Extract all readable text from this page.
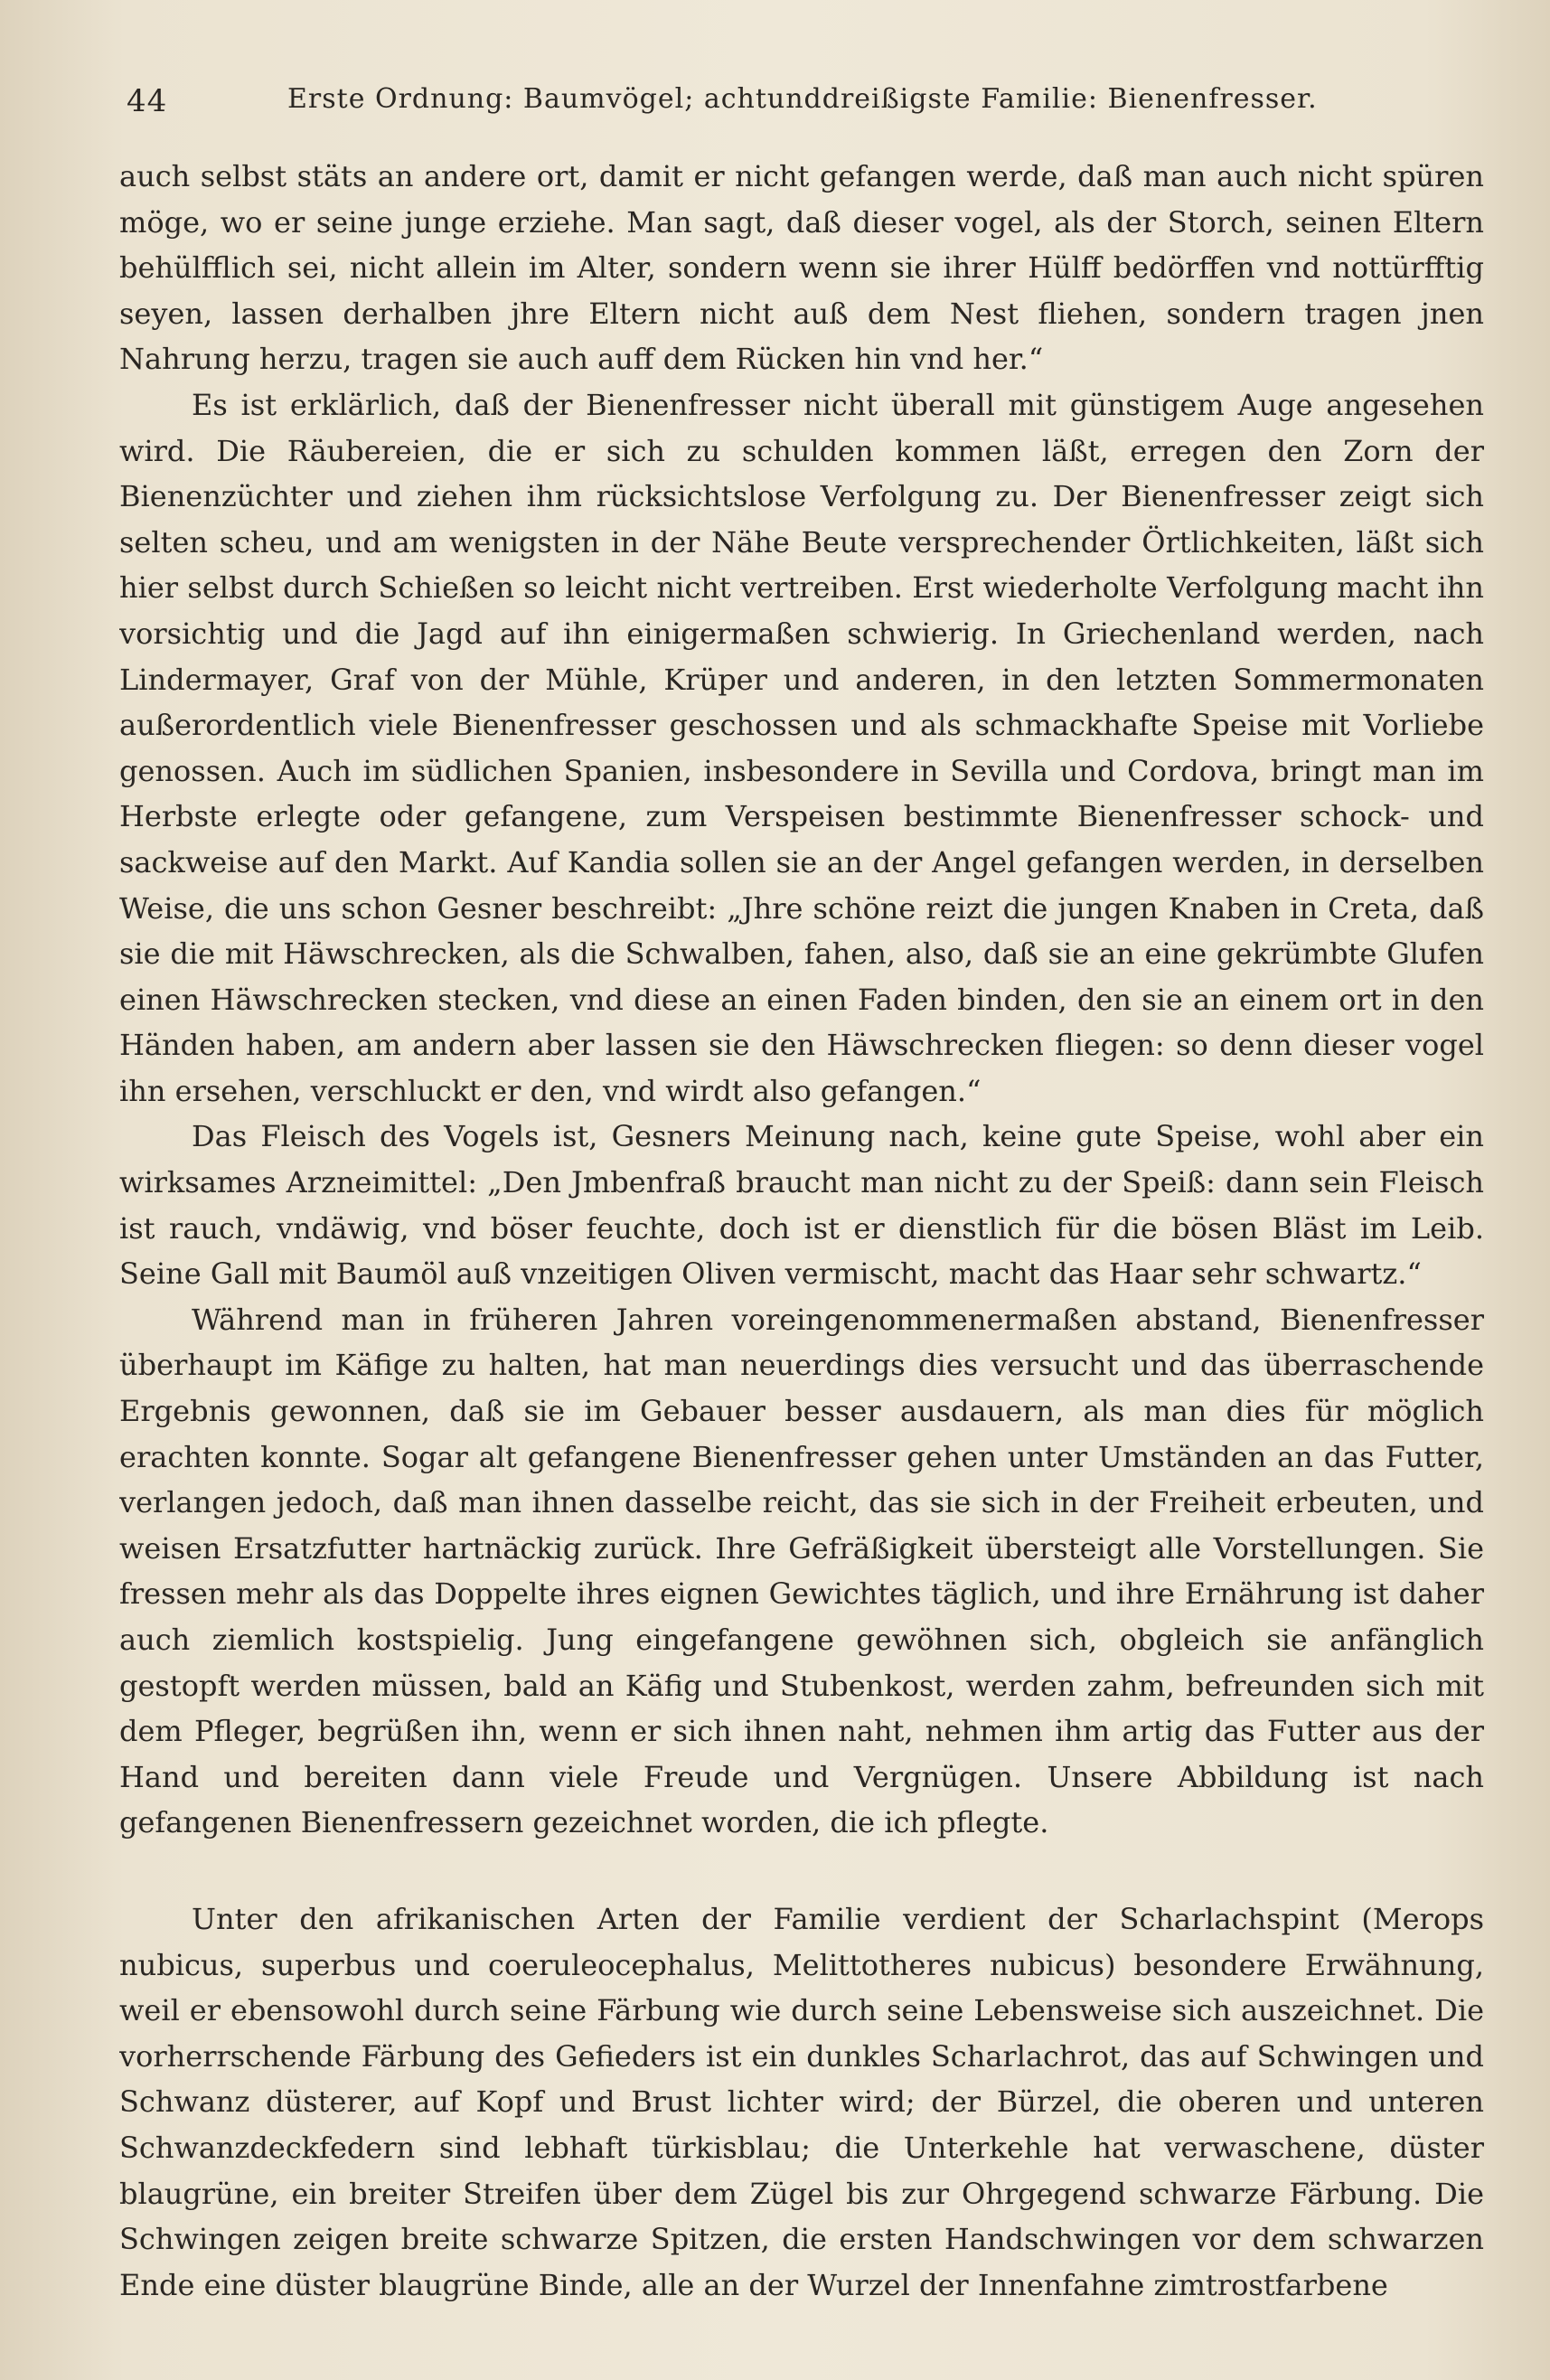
44	Erste Ordnung: Baumvögel; achtunddreißigste Familie: Bienenfresser.

auch selbst stäts an andere ort, damit er nicht gefangen werde, daß man auch nicht spüren möge, wo er seine junge erziehe. Man sagt, daß dieser vogel, als der Storch, seinen Eltern behülfflich sei, nicht allein im Alter, sondern wenn sie ihrer Hülff bedörffen vnd nottürfftig seyen, lassen derhalben jhre Eltern nicht auß dem Nest fliehen, sondern tragen jnen Nahrung herzu, tragen sie auch auff dem Rücken hin vnd her.“

Es ist erklärlich, daß der Bienenfresser nicht überall mit günstigem Auge angesehen wird. Die Räubereien, die er sich zu schulden kommen läßt, erregen den Zorn der Bienenzüchter und ziehen ihm rücksichtslose Verfolgung zu. Der Bienenfresser zeigt sich selten scheu, und am wenigsten in der Nähe Beute versprechender Örtlichkeiten, läßt sich hier selbst durch Schießen so leicht nicht vertreiben. Erst wiederholte Verfolgung macht ihn vorsichtig und die Jagd auf ihn einigermaßen schwierig. In Griechenland werden, nach Lindermayer, Graf von der Mühle, Krüper und anderen, in den letzten Sommermonaten außerordentlich viele Bienenfresser geschossen und als schmackhafte Speise mit Vorliebe genossen. Auch im südlichen Spanien, insbesondere in Sevilla und Cordova, bringt man im Herbste erlegte oder gefangene, zum Verspeisen bestimmte Bienenfresser schock- und sackweise auf den Markt. Auf Kandia sollen sie an der Angel gefangen werden, in derselben Weise, die uns schon Gesner beschreibt: „Jhre schöne reizt die jungen Knaben in Creta, daß sie die mit Häwschrecken, als die Schwalben, fahen, also, daß sie an eine gekrümbte Glufen einen Häwschrecken stecken, vnd diese an einen Faden binden, den sie an einem ort in den Händen haben, am andern aber lassen sie den Häwschrecken fliegen: so denn dieser vogel ihn ersehen, verschluckt er den, vnd wirdt also gefangen.“

Das Fleisch des Vogels ist, Gesners Meinung nach, keine gute Speise, wohl aber ein wirksames Arzneimittel: „Den Jmbenfraß braucht man nicht zu der Speiß: dann sein Fleisch ist rauch, vndäwig, vnd böser feuchte, doch ist er dienstlich für die bösen Bläst im Leib. Seine Gall mit Baumöl auß vnzeitigen Oliven vermischt, macht das Haar sehr schwartz.“

Während man in früheren Jahren voreingenommenermaßen abstand, Bienenfresser überhaupt im Käfige zu halten, hat man neuerdings dies versucht und das überraschende Ergebnis gewonnen, daß sie im Gebauer besser ausdauern, als man dies für möglich erachten konnte. Sogar alt gefangene Bienenfresser gehen unter Umständen an das Futter, verlangen jedoch, daß man ihnen dasselbe reicht, das sie sich in der Freiheit erbeuten, und weisen Ersatzfutter hartnäckig zurück. Ihre Gefräßigkeit übersteigt alle Vorstellungen. Sie fressen mehr als das Doppelte ihres eignen Gewichtes täglich, und ihre Ernährung ist daher auch ziemlich kostspielig. Jung eingefangene gewöhnen sich, obgleich sie anfänglich gestopft werden müssen, bald an Käfig und Stubenkost, werden zahm, befreunden sich mit dem Pfleger, begrüßen ihn, wenn er sich ihnen naht, nehmen ihm artig das Futter aus der Hand und bereiten dann viele Freude und Vergnügen. Unsere Abbildung ist nach gefangenen Bienenfressern gezeichnet worden, die ich pflegte.

Unter den afrikanischen Arten der Familie verdient der Scharlachspint (Merops nubicus, superbus und coeruleocephalus, Melittotheres nubicus) besondere Erwähnung, weil er ebensowohl durch seine Färbung wie durch seine Lebensweise sich auszeichnet. Die vorherrschende Färbung des Gefieders ist ein dunkles Scharlachrot, das auf Schwingen und Schwanz düsterer, auf Kopf und Brust lichter wird; der Bürzel, die oberen und unteren Schwanzdeckfedern sind lebhaft türkisblau; die Unterkehle hat verwaschene, düster blaugrüne, ein breiter Streifen über dem Zügel bis zur Ohrgegend schwarze Färbung. Die Schwingen zeigen breite schwarze Spitzen, die ersten Handschwingen vor dem schwarzen Ende eine düster blaugrüne Binde, alle an der Wurzel der Innenfahne zimtrostfarbene
